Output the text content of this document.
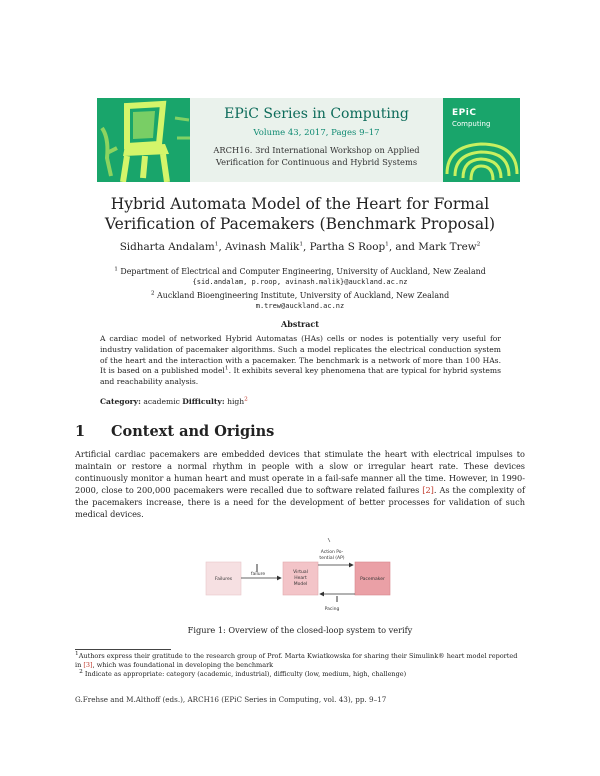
EPiC Series in Computing
Volume 43, 2017, Pages 9–17
ARCH16. 3rd International Workshop on Applied
Verification for Continuous and Hybrid Systems
EPiC
Computing
Hybrid Automata Model of the Heart for Formal
Verification of Pacemakers (Benchmark Proposal)
Sidharta Andalam$^1$, Avinash Malik$^1$, Partha S Roop$^1$, and Mark Trew$^2$
$^1$ Department of Electrical and Computer Engineering, University of Auckland, New Zealand
{sid.andalam, p.roop, avinash.malik}@auckland.ac.nz
$^2$ Auckland Bioengineering Institute, University of Auckland, New Zealand
m.trew@auckland.ac.nz
Abstract
A cardiac model of networked Hybrid Automatas (HAs) cells or nodes is potentially very useful for industry validation of pacemaker algorithms. Such a model replicates the electrical conduction system of the heart and the interaction with a pacemaker. The benchmark is a network of more than 100 HAs. It is based on a published model$^1$. It exhibits several key phenomena that are typical for hybrid systems and reachability analysis.
Category: academic Difficulty: high$^2$
1 Context and Origins
Artificial cardiac pacemakers are embedded devices that stimulate the heart with electrical impulses to maintain or restore a normal rhythm in people with a slow or irregular heart rate. These devices continuously monitor a human heart and must operate in a fail-safe manner all the time. However, in 1990-2000, close to 200,000 pacemakers were recalled due to software related failures [2]. As the complexity of the pacemakers increase, there is a need for the development of better processes for validation of such medical devices.
Failures
Virtual
Heart
Model
Pacemaker
failure
Action Po-
tential (AP)
Pacing
Figure 1: Overview of the closed-loop system to verify
1Authors express their gratitude to the research group of Prof. Marta Kwiatkowska for sharing their Simulink® heart model reported in [3], which was foundational in developing the benchmark
2 Indicate as appropriate: category (academic, industrial), difficulty (low, medium, high, challenge)
G.Frehse and M.Althoff (eds.), ARCH16 (EPiC Series in Computing, vol. 43), pp. 9–17
